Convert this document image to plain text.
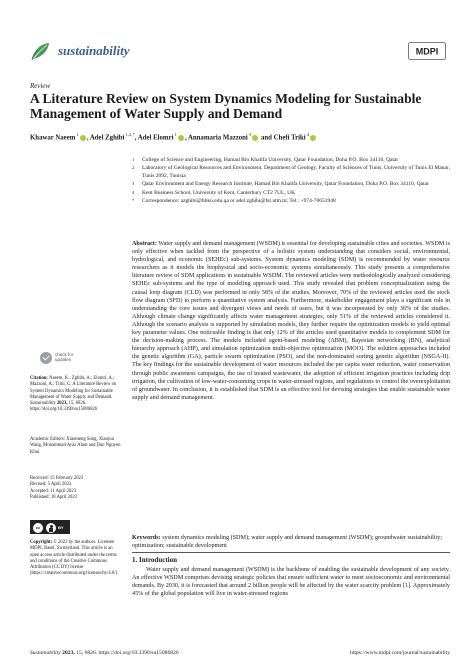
sustainability	MDPI
Review
A Literature Review on System Dynamics Modeling for Sustainable Management of Water Supply and Demand
Khawar Naeem $^1$ , Adel Zghibi $^{1,2,*}$, Adel Elomri $^1$ , Annamaria Mazzoni $^3$ and Chefi Triki $^4$
1 College of Science and Engineering, Hamad Bin Khalifa University, Qatar Foundation, Doha P.O. Box 34110, Qatar
2 Laboratory of Geological Resources and Environment, Department of Geology, Faculty of Sciences of Tunis, University of Tunis El Manar, Tunis 2092, Tunisia
3 Qatar Environment and Energy Research Institute, Hamad Bin Khalifa University, Qatar Foundation, Doha P.O. Box 34110, Qatar
4 Kent Business School, University of Kent, Canterbury CT2 7UL, UK
* Correspondence: azghibi@hbku.edu.qa or adel.zghibi@fst.utm.tn; Tel.: +974-70651948
check for updates
Citation: Naeem, K.; Zghibi, A.; Elomri, A.; Mazzoni, A.; Triki, C. A Literature Review on System Dynamics Modeling for Sustainable Management of Water Supply and Demand. Sustainability 2023, 15, 6826. https://doi.org/10.3390/su15086826
Academic Editors: Xiaomeng Song, Xiaojun Wang, Mohammad Ayaz Alam and Dao Nguyen Khoi
Received: 15 February 2023
Revised: 5 April 2023
Accepted: 11 April 2023
Published: 18 April 2023
cc	BY
Copyright: © 2023 by the authors. Licensee MDPI, Basel, Switzerland. This article is an open access article distributed under the terms and conditions of the Creative Commons Attribution (CC BY) license (https://creativecommons.org/licenses/by/4.0/).
Abstract: Water supply and demand management (WSDM) is essential for developing sustainable cities and societies. WSDM is only effective when tackled from the perspective of a holistic system understanding that considers social, environmental, hydrological, and economic (SEHEc) sub-systems. System dynamics modeling (SDM) is recommended by water resource researchers as it models the biophysical and socio-economic systems simultaneously. This study presents a comprehensive literature review of SDM applications in sustainable WSDM. The reviewed articles were methodologically analyzed considering SEHEc sub-systems and the type of modeling approach used. This study revealed that problem conceptualization using the causal loop diagram (CLD) was performed in only 58% of the studies. Moreover, 70% of the reviewed articles used the stock flow diagram (SFD) to perform a quantitative system analysis. Furthermore, stakeholder engagement plays a significant role in understanding the core issues and divergent views and needs of users, but it was incorporated by only 36% of the studies. Although climate change significantly affects water management strategies, only 51% of the reviewed articles considered it. Although the scenario analysis is supported by simulation models, they further require the optimization models to yield optimal key parameter values. One noticeable finding is that only 12% of the articles used quantitative models to complement SDM for the decision-making process. The models included agent-based modeling (ABM), Bayesian networking (BN), analytical hierarchy approach (AHP), and simulation optimization multi-objective optimization (MOO). The solution approaches included the genetic algorithm (GA), particle swarm optimization (PSO), and the non-dominated sorting genetic algorithm (NSGA-II). The key findings for the sustainable development of water resources included the per capita water reduction, water conservation through public awareness campaigns, the use of treated wastewater, the adoption of efficient irrigation practices including drip irrigation, the cultivation of low-water-consuming crops in water-stressed regions, and regulations to control the overexploitation of groundwater. In conclusion, it is established that SDM is an effective tool for devising strategies that enable sustainable water supply and demand management.
Keywords: system dynamics modeling (SDM); water supply and demand management (WSDM); groundwater sustainability; optimization; sustainable development
1. Introduction
Water supply and demand management (WSDM) is the backbone of enabling the sustainable development of any society. An effective WSDM comprises devising strategic policies that ensure sufficient water to meet socioeconomic and environmental demands. By 2030, it is forecasted that around 2 billion people will be affected by the water scarcity problem [1]. Approximately 45% of the global population will live in water-stressed regions
Sustainability 2023, 15, 6826. https://doi.org/10.3390/su15086826	https://www.mdpi.com/journal/sustainability
